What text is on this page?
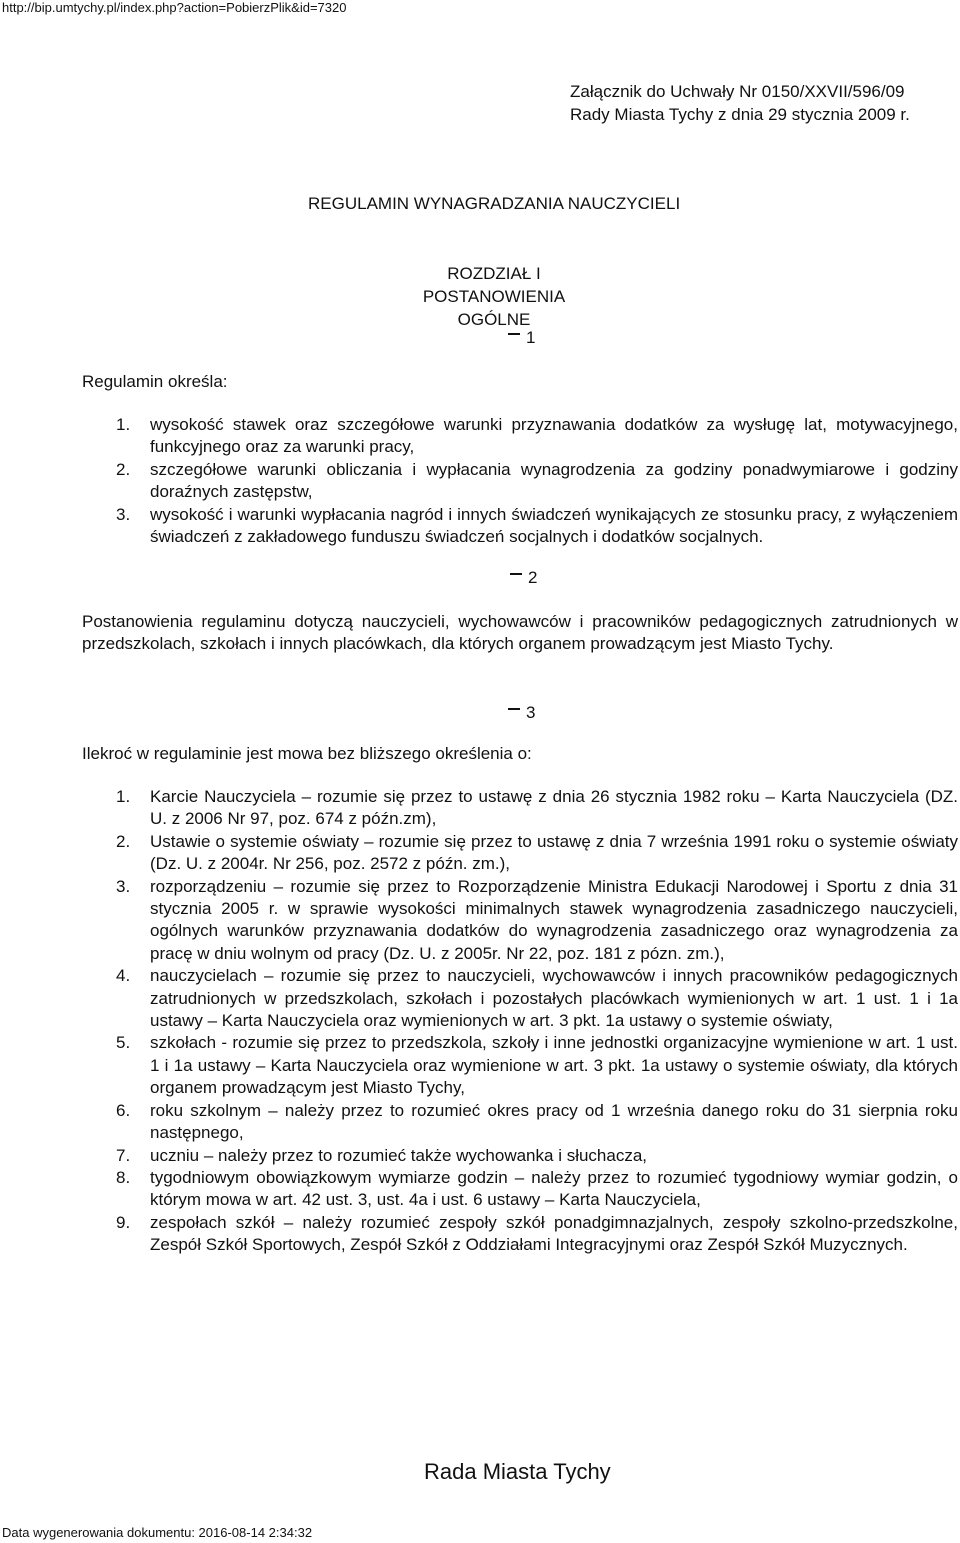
http://bip.umtychy.pl/index.php?action=PobierzPlik&id=7320
Załącznik do Uchwały Nr 0150/XXVII/596/09
Rady Miasta Tychy z dnia 29 stycznia 2009 r.
REGULAMIN WYNAGRADZANIA NAUCZYCIELI
ROZDZIAŁ I
POSTANOWIENIA OGÓLNE
1
Regulamin określa:
1. wysokość stawek oraz szczegółowe warunki przyznawania dodatków za wysługę lat, motywacyjnego, funkcyjnego oraz za warunki pracy,
2. szczegółowe warunki obliczania i wypłacania wynagrodzenia za godziny ponadwymiarowe i godziny doraźnych zastępstw,
3. wysokość i warunki wypłacania nagród i innych świadczeń wynikających ze stosunku pracy, z wyłączeniem świadczeń z zakładowego funduszu świadczeń socjalnych i dodatków socjalnych.
2
Postanowienia regulaminu dotyczą nauczycieli, wychowawców i pracowników pedagogicznych zatrudnionych w przedszkolach, szkołach i innych placówkach, dla których organem prowadzącym jest Miasto Tychy.
3
Ilekroć w regulaminie jest mowa bez bliższego określenia o:
1. Karcie Nauczyciela – rozumie się przez to ustawę z dnia 26 stycznia 1982 roku – Karta Nauczyciela (DZ. U. z 2006 Nr 97, poz. 674 z późn.zm),
2. Ustawie o systemie oświaty – rozumie się przez to ustawę z dnia 7 września 1991 roku o systemie oświaty (Dz. U. z 2004r. Nr 256, poz. 2572 z późn. zm.),
3. rozporządzeniu – rozumie się przez to Rozporządzenie Ministra Edukacji Narodowej i Sportu z dnia 31 stycznia 2005 r. w sprawie wysokości minimalnych stawek wynagrodzenia zasadniczego nauczycieli, ogólnych warunków przyznawania dodatków do wynagrodzenia zasadniczego oraz wynagrodzenia za pracę w dniu wolnym od pracy (Dz. U. z 2005r. Nr 22, poz. 181 z pózn. zm.),
4. nauczycielach – rozumie się przez to nauczycieli, wychowawców i innych pracowników pedagogicznych zatrudnionych w przedszkolach, szkołach i pozostałych placówkach wymienionych w art. 1 ust. 1 i 1a ustawy – Karta Nauczyciela oraz wymienionych w art. 3 pkt. 1a ustawy o systemie oświaty,
5. szkołach - rozumie się przez to przedszkola, szkoły i inne jednostki organizacyjne wymienione w art. 1 ust. 1 i 1a ustawy – Karta Nauczyciela oraz wymienione w art. 3 pkt. 1a ustawy o systemie oświaty, dla których organem prowadzącym jest Miasto Tychy,
6. roku szkolnym – należy przez to rozumieć okres pracy od 1 września danego roku do 31 sierpnia roku następnego,
7. uczniu – należy przez to rozumieć także wychowanka i słuchacza,
8. tygodniowym obowiązkowym wymiarze godzin – należy przez to rozumieć tygodniowy wymiar godzin, o którym mowa w art. 42 ust. 3, ust. 4a i ust. 6 ustawy – Karta Nauczyciela,
9. zespołach szkół – należy rozumieć zespoły szkół ponadgimnazjalnych, zespoły szkolno-przedszkolne, Zespół Szkół Sportowych, Zespół Szkół z Oddziałami Integracyjnymi oraz Zespół Szkół Muzycznych.
Rada Miasta Tychy
Data wygenerowania dokumentu: 2016-08-14 2:34:32
